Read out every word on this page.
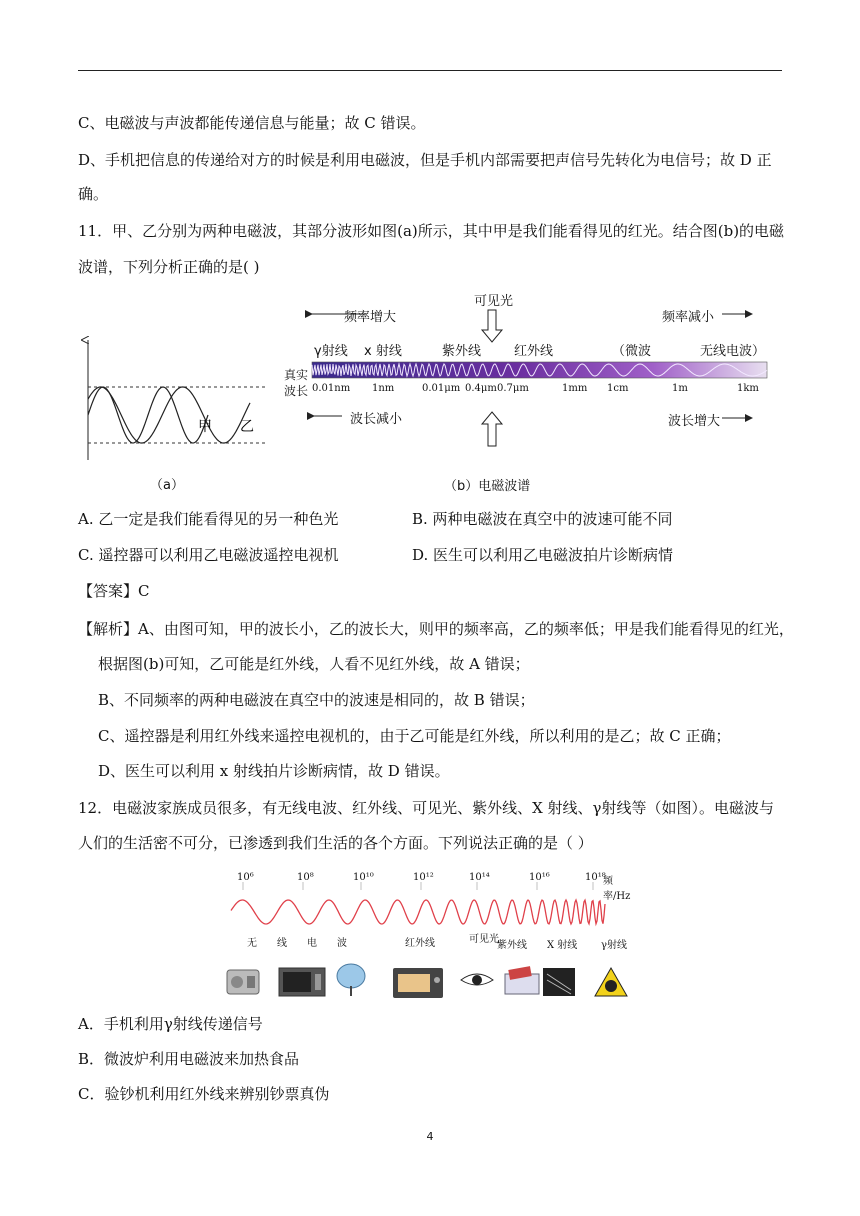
C、电磁波与声波都能传递信息与能量；故 C 错误。
D、手机把信息的传递给对方的时候是利用电磁波，但是手机内部需要把声信号先转化为电信号；故 D 正
确。
11．甲、乙分别为两种电磁波，其部分波形如图(a)所示，其中甲是我们能看得见的红光。结合图(b)的电磁
波谱，下列分析正确的是( )
甲 乙
（a）
可见光
频率增大	频率减小
γ射线 x 射线	紫外线	红外线	（微波	无线电波）
真实
波长 0.01nm 1nm	0.01μm 0.4μm 0.7μm	1mm 1cm	1m	1km
波长减小	波长增大
（b）电磁波谱
A. 乙一定是我们能看得见的另一种色光	B. 两种电磁波在真空中的波速可能不同
C. 遥控器可以利用乙电磁波遥控电视机	D. 医生可以利用乙电磁波拍片诊断病情
【答案】C
【解析】A、由图可知，甲的波长小，乙的波长大，则甲的频率高，乙的频率低；甲是我们能看得见的红光，
根据图(b)可知，乙可能是红外线，人看不见红外线，故 A 错误；
B、不同频率的两种电磁波在真空中的波速是相同的，故 B 错误；
C、遥控器是利用红外线来遥控电视机的，由于乙可能是红外线，所以利用的是乙；故 C 正确；
D、医生可以利用 x 射线拍片诊断病情，故 D 错误。
12．电磁波家族成员很多，有无线电波、红外线、可见光、紫外线、X 射线、γ射线等（如图）。电磁波与
人们的生活密不可分，已渗透到我们生活的各个方面。下列说法正确的是（ ）
10⁶	10⁸	10¹⁰	10¹²	10¹⁴	10¹⁶	10¹⁸
频率/Hz
无 线 电 波	红外线	可见光
紫外线 X 射线 γ射线
A．手机利用γ射线传递信号
B．微波炉利用电磁波来加热食品
C．验钞机利用红外线来辨别钞票真伪
4
